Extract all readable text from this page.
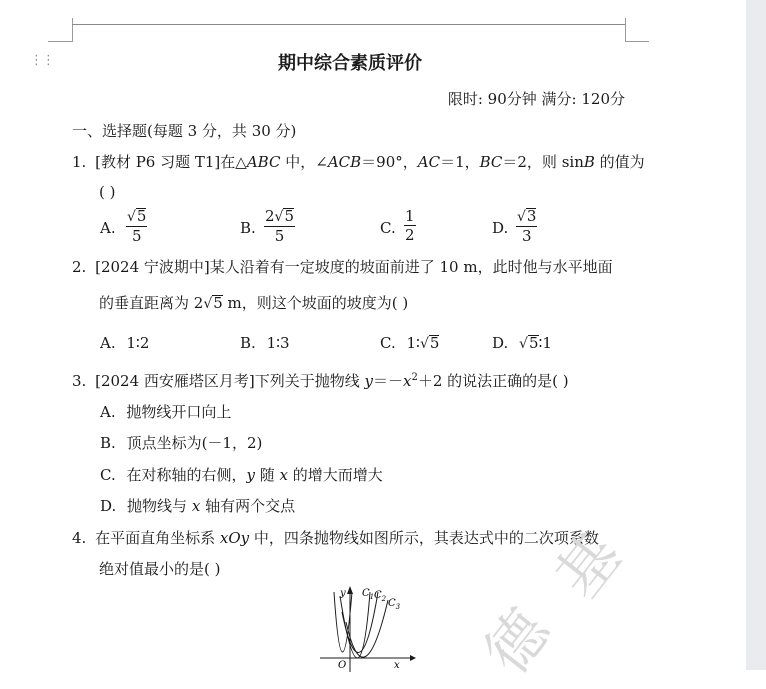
⋮⋮	期中综合素质评价
限时: 90分钟 满分: 120分
一、选择题(每题 3 分，共 30 分)
1. [教材 P6 习题 T1]在△ABC 中，∠ACB＝90°，AC＝1，BC＝2，则 sinB 的值为
( )
A. $\frac{√5}{5}$	B. $\frac{2√5}{5}$	C. $\frac{1}{2}$	D. $\frac{√3}{3}$
2. [2024 宁波期中]某人沿着有一定坡度的坡面前进了 10 m，此时他与水平地面
的垂直距离为 2√5 m，则这个坡面的坡度为( )
A. 1∶2	B. 1∶3	C. 1∶√5	D. √5∶1
3. [2024 西安雁塔区月考]下列关于抛物线 $y=-x^2+2$ 的说法正确的是( )
A. 抛物线开口向上
B. 顶点坐标为(－1，2)
C. 在对称轴的右侧，y 随 x 的增大而增大
D. 抛物线与 x 轴有两个交点
4. 在平面直角坐标系 xOy 中，四条抛物线如图所示，其表达式中的二次项系数
绝对值最小的是( )
y
x
O
$C_1$ $C_2$ $C_3$ 德
基
